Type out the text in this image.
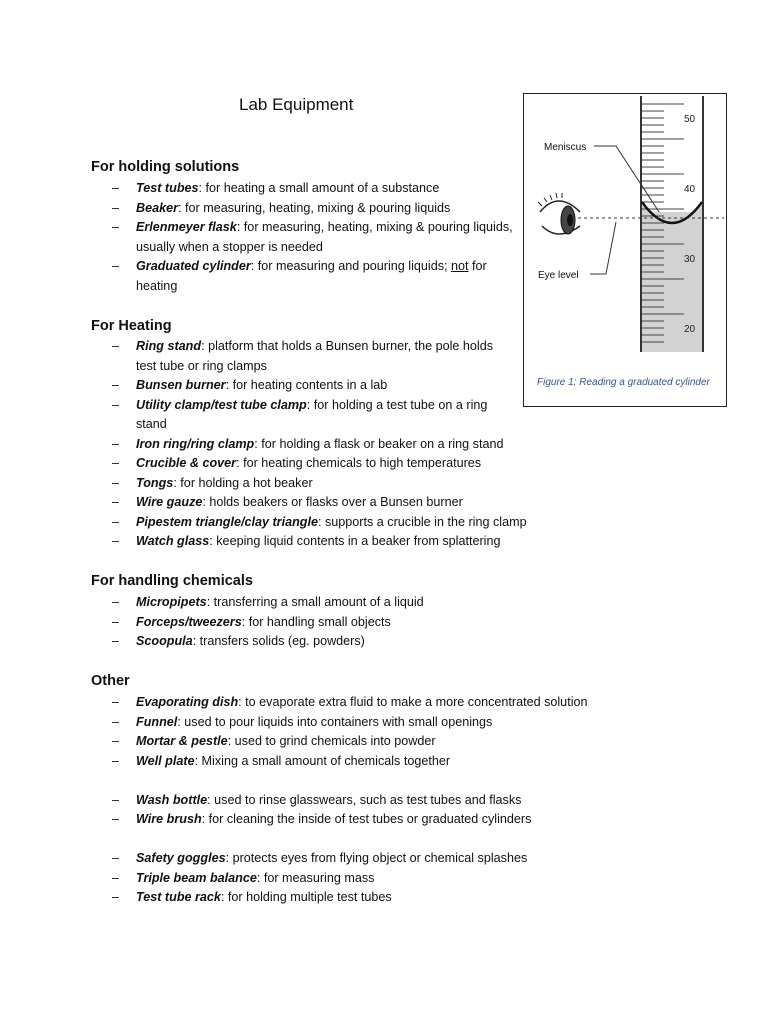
Lab Equipment
Meniscus
Eye level
50
40
30
20

Figure 1: Reading a graduated cylinder

For holding solutions
– Test tubes: for heating a small amount of a substance
– Beaker: for measuring, heating, mixing & pouring liquids
– Erlenmeyer flask: for measuring, heating, mixing & pouring liquids, usually when a stopper is needed
– Graduated cylinder: for measuring and pouring liquids; not for heating
For Heating
– Ring stand: platform that holds a Bunsen burner, the pole holds test tube or ring clamps
– Bunsen burner: for heating contents in a lab
– Utility clamp/test tube clamp: for holding a test tube on a ring stand
– Iron ring/ring clamp: for holding a flask or beaker on a ring stand
– Crucible & cover: for heating chemicals to high temperatures
– Tongs: for holding a hot beaker
– Wire gauze: holds beakers or flasks over a Bunsen burner
– Pipestem triangle/clay triangle: supports a crucible in the ring clamp
– Watch glass: keeping liquid contents in a beaker from splattering
For handling chemicals
– Micropipets: transferring a small amount of a liquid
– Forceps/tweezers: for handling small objects
– Scoopula: transfers solids (eg. powders)
Other
– Evaporating dish: to evaporate extra fluid to make a more concentrated solution
– Funnel: used to pour liquids into containers with small openings
– Mortar & pestle: used to grind chemicals into powder
– Well plate: Mixing a small amount of chemicals together
– Wash bottle: used to rinse glasswears, such as test tubes and flasks
– Wire brush: for cleaning the inside of test tubes or graduated cylinders
– Safety goggles: protects eyes from flying object or chemical splashes
– Triple beam balance: for measuring mass
– Test tube rack: for holding multiple test tubes
